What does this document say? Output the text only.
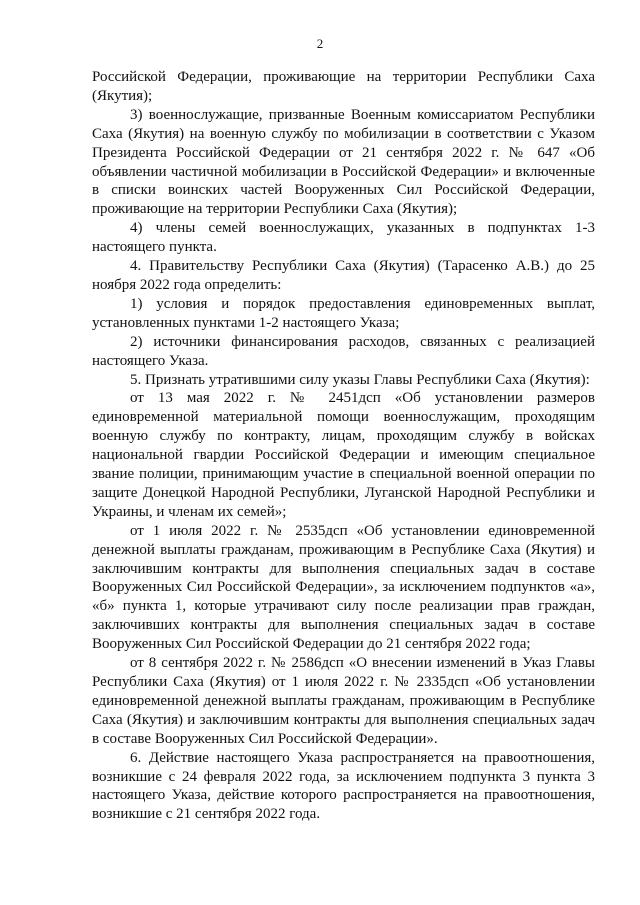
2

Российской Федерации, проживающие на территории Республики Саха (Якутия);

3) военнослужащие, призванные Военным комиссариатом Республики Саха (Якутия) на военную службу по мобилизации в соответствии с Указом Президента Российской Федерации от 21 сентября 2022 г. № 647 «Об объявлении частичной мобилизации в Российской Федерации» и включенные в списки воинских частей Вооруженных Сил Российской Федерации, проживающие на территории Республики Саха (Якутия);

4) члены семей военнослужащих, указанных в подпунктах 1-3 настоящего пункта.

4. Правительству Республики Саха (Якутия) (Тарасенко А.В.) до 25 ноября 2022 года определить:

1) условия и порядок предоставления единовременных выплат, установленных пунктами 1-2 настоящего Указа;

2) источники финансирования расходов, связанных с реализацией настоящего Указа.

5. Признать утратившими силу указы Главы Республики Саха (Якутия):

от 13 мая 2022 г. № 2451дсп «Об установлении размеров единовременной материальной помощи военнослужащим, проходящим военную службу по контракту, лицам, проходящим службу в войсках национальной гвардии Российской Федерации и имеющим специальное звание полиции, принимающим участие в специальной военной операции по защите Донецкой Народной Республики, Луганской Народной Республики и Украины, и членам их семей»;

от 1 июля 2022 г. № 2535дсп «Об установлении единовременной денежной выплаты гражданам, проживающим в Республике Саха (Якутия) и заключившим контракты для выполнения специальных задач в составе Вооруженных Сил Российской Федерации», за исключением подпунктов «а», «б» пункта 1, которые утрачивают силу после реализации прав граждан, заключивших контракты для выполнения специальных задач в составе Вооруженных Сил Российской Федерации до 21 сентября 2022 года;

от 8 сентября 2022 г. № 2586дсп «О внесении изменений в Указ Главы Республики Саха (Якутия) от 1 июля 2022 г. № 2335дсп «Об установлении единовременной денежной выплаты гражданам, проживающим в Республике Саха (Якутия) и заключившим контракты для выполнения специальных задач в составе Вооруженных Сил Российской Федерации».

6. Действие настоящего Указа распространяется на правоотношения, возникшие с 24 февраля 2022 года, за исключением подпункта 3 пункта 3 настоящего Указа, действие которого распространяется на правоотношения, возникшие с 21 сентября 2022 года.
